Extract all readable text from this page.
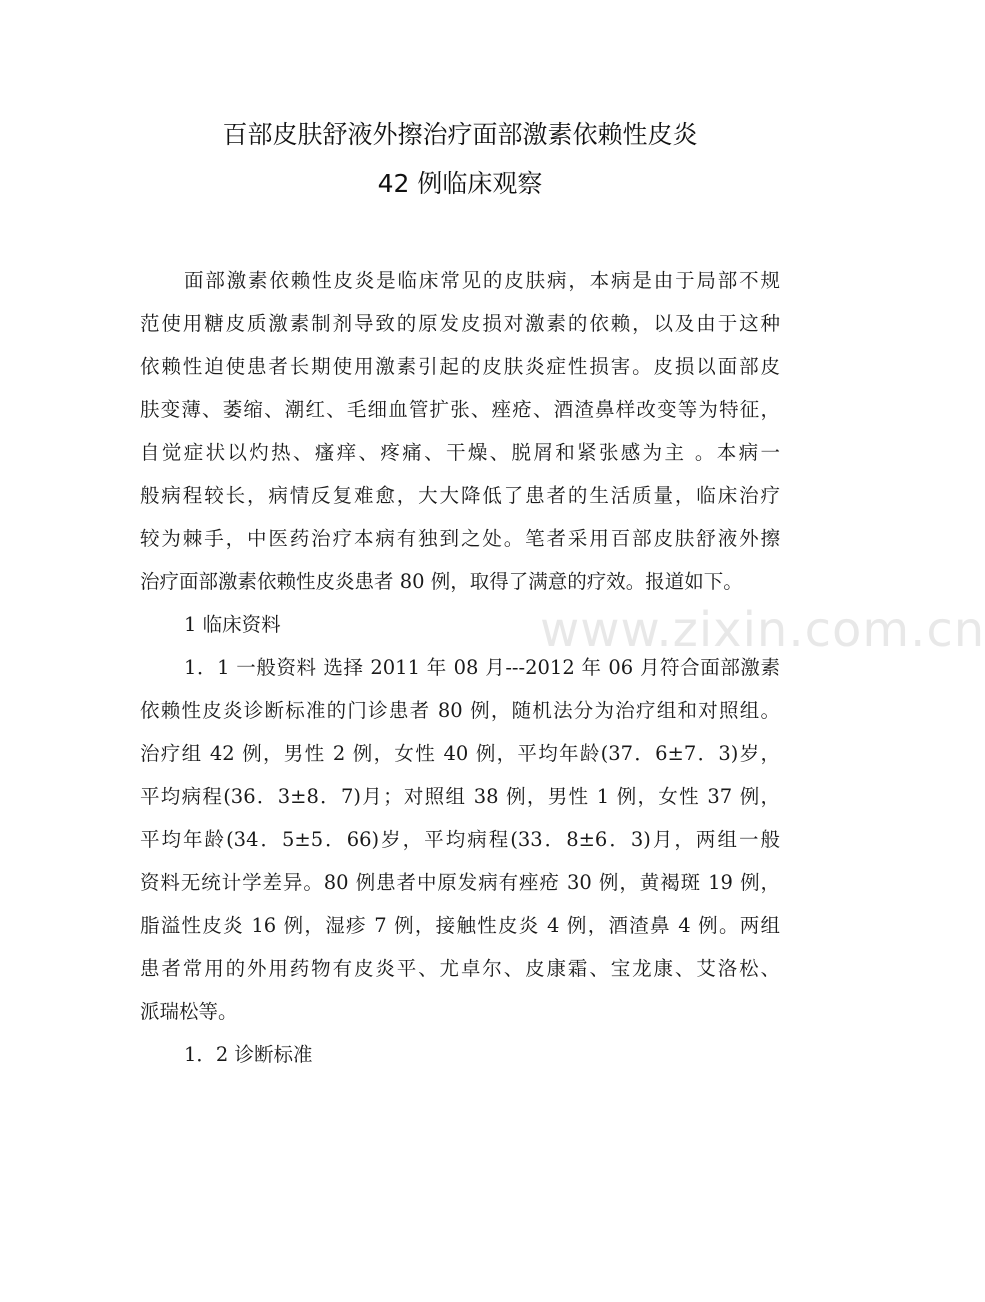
www.zixin.com.cn
百部皮肤舒液外擦治疗面部激素依赖性皮炎
42 例临床观察
面部激素依赖性皮炎是临床常见的皮肤病，本病是由于局部不规
范使用糖皮质激素制剂导致的原发皮损对激素的依赖，以及由于这种
依赖性迫使患者长期使用激素引起的皮肤炎症性损害。皮损以面部皮
肤变薄、萎缩、潮红、毛细血管扩张、痤疮、酒渣鼻样改变等为特征，
自觉症状以灼热、瘙痒、疼痛、干燥、脱屑和紧张感为主 。本病一
般病程较长，病情反复难愈，大大降低了患者的生活质量，临床治疗
较为棘手，中医药治疗本病有独到之处。笔者采用百部皮肤舒液外擦
治疗面部激素依赖性皮炎患者 80 例，取得了满意的疗效。报道如下。
1 临床资料
1．1 一般资料 选择 2011 年 08 月---2012 年 06 月符合面部激素
依赖性皮炎诊断标准的门诊患者 80 例，随机法分为治疗组和对照组。
治疗组 42 例，男性 2 例，女性 40 例，平均年龄(37．6±7．3)岁，
平均病程(36．3±8．7)月；对照组 38 例，男性 1 例，女性 37 例，
平均年龄(34．5±5．66)岁，平均病程(33．8±6．3)月，两组一般
资料无统计学差异。80 例患者中原发病有痤疮 30 例，黄褐斑 19 例，
脂溢性皮炎 16 例，湿疹 7 例，接触性皮炎 4 例，酒渣鼻 4 例。两组
患者常用的外用药物有皮炎平、尤卓尔、皮康霜、宝龙康、艾洛松、
派瑞松等。
1．2 诊断标准
